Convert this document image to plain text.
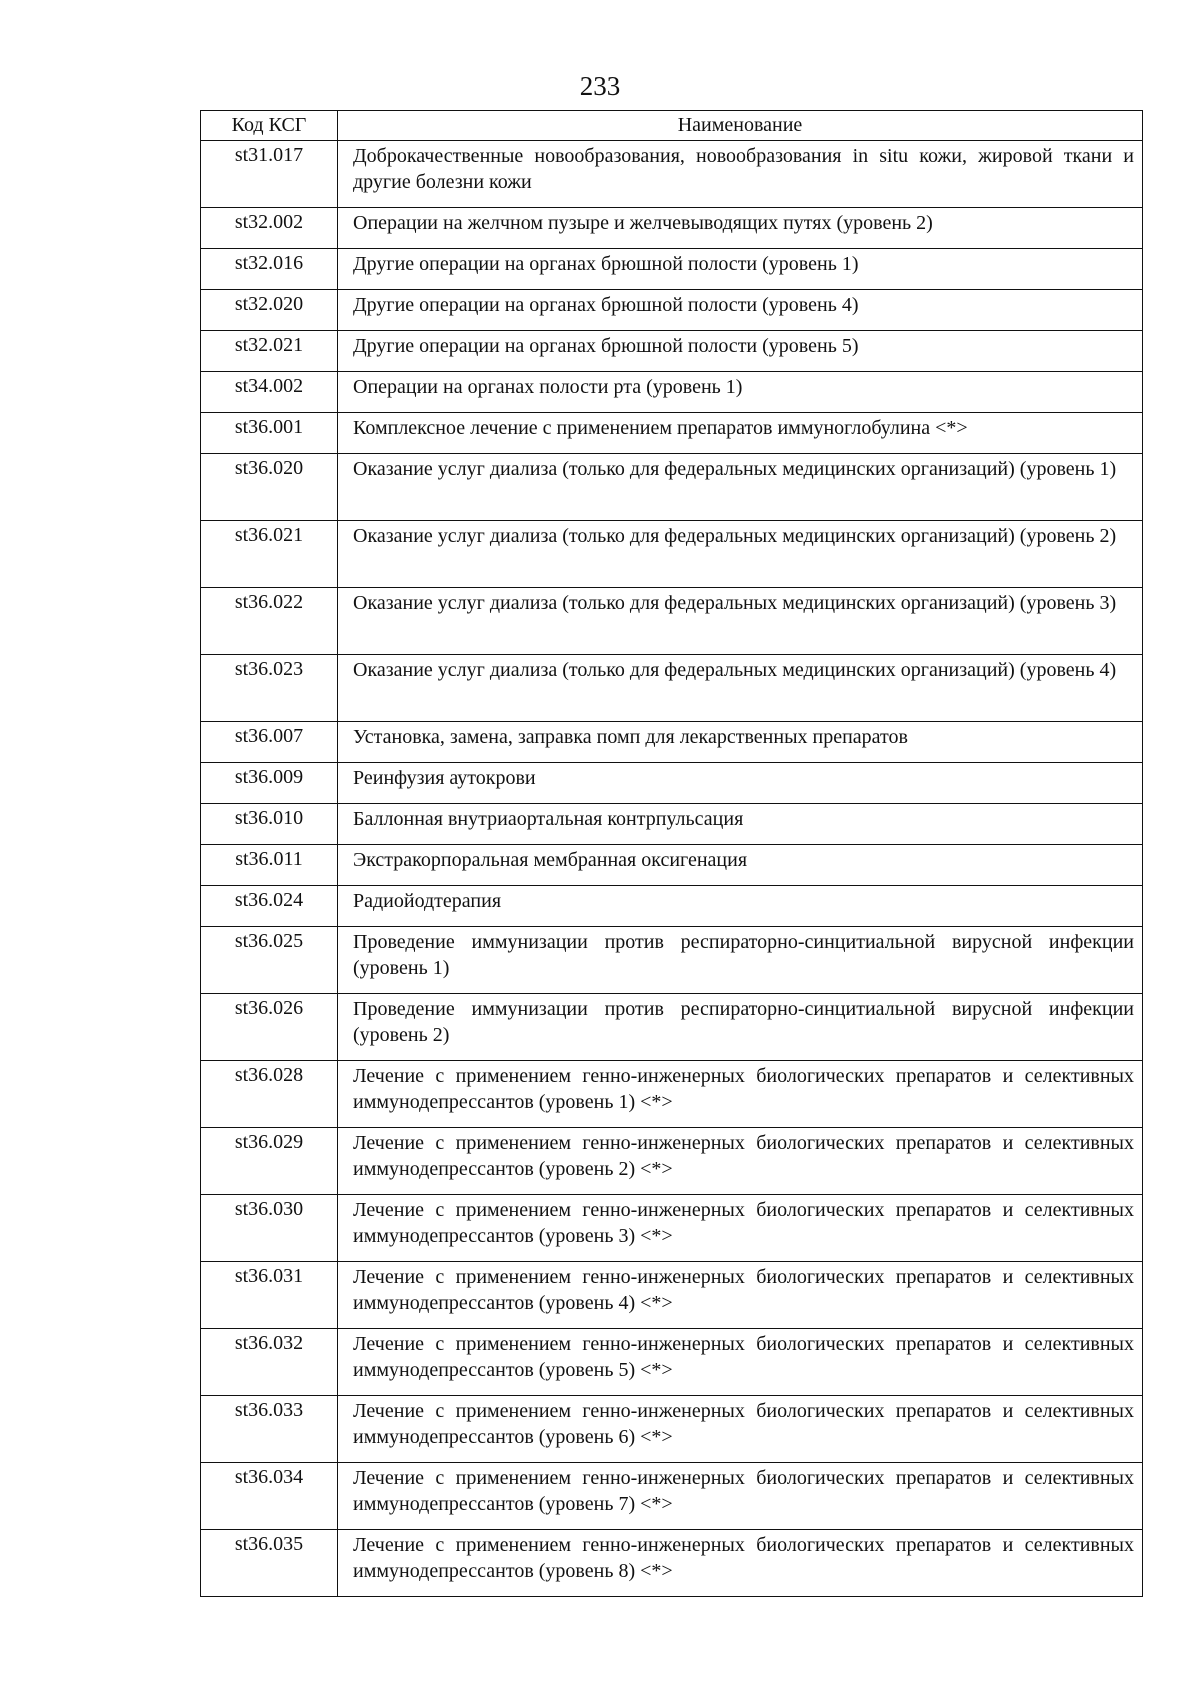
233
Код КСГ	Наименование
st31.017	Доброкачественные новообразования, новообразования in situ кожи, жировой ткани и другие болезни кожи
st32.002	Операции на желчном пузыре и желчевыводящих путях (уровень 2)
st32.016	Другие операции на органах брюшной полости (уровень 1)
st32.020	Другие операции на органах брюшной полости (уровень 4)
st32.021	Другие операции на органах брюшной полости (уровень 5)
st34.002	Операции на органах полости рта (уровень 1)
st36.001	Комплексное лечение с применением препаратов иммуноглобулина <*>
st36.020	Оказание услуг диализа (только для федеральных медицинских организаций) (уровень 1)
st36.021	Оказание услуг диализа (только для федеральных медицинских организаций) (уровень 2)
st36.022	Оказание услуг диализа (только для федеральных медицинских организаций) (уровень 3)
st36.023	Оказание услуг диализа (только для федеральных медицинских организаций) (уровень 4)
st36.007	Установка, замена, заправка помп для лекарственных препаратов
st36.009	Реинфузия аутокрови
st36.010	Баллонная внутриаортальная контрпульсация
st36.011	Экстракорпоральная мембранная оксигенация
st36.024	Радиойодтерапия
st36.025	Проведение иммунизации против респираторно-синцитиальной вирусной инфекции (уровень 1)
st36.026	Проведение иммунизации против респираторно-синцитиальной вирусной инфекции (уровень 2)
st36.028	Лечение с применением генно-инженерных биологических препаратов и селективных иммунодепрессантов (уровень 1) <*>
st36.029	Лечение с применением генно-инженерных биологических препаратов и селективных иммунодепрессантов (уровень 2) <*>
st36.030	Лечение с применением генно-инженерных биологических препаратов и селективных иммунодепрессантов (уровень 3) <*>
st36.031	Лечение с применением генно-инженерных биологических препаратов и селективных иммунодепрессантов (уровень 4) <*>
st36.032	Лечение с применением генно-инженерных биологических препаратов и селективных иммунодепрессантов (уровень 5) <*>
st36.033	Лечение с применением генно-инженерных биологических препаратов и селективных иммунодепрессантов (уровень 6) <*>
st36.034	Лечение с применением генно-инженерных биологических препаратов и селективных иммунодепрессантов (уровень 7) <*>
st36.035	Лечение с применением генно-инженерных биологических препаратов и селективных иммунодепрессантов (уровень 8) <*>
